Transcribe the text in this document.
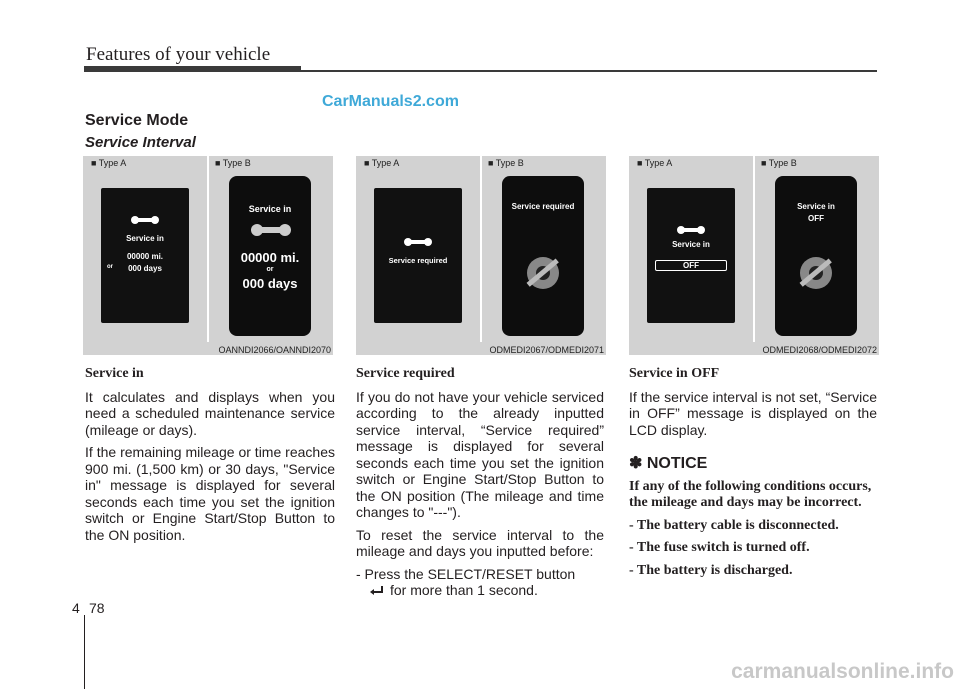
Features of your vehicle
CarManuals2.com
Service Mode
Service Interval
■ Type A	■ Type B
Service in
00000 mi.
or	000 days
Service in
00000 mi.
or
000 days
OANNDI2066/OANNDI2070
■ Type A	■ Type B
Service required
Service required
ODMEDI2067/ODMEDI2071
■ Type A	■ Type B
Service in
OFF
Service in
OFF
ODMEDI2068/ODMEDI2072
Service in

It calculates and displays when you need a scheduled maintenance service (mileage or days).

If the remaining mileage or time reaches 900 mi. (1,500 km) or 30 days, "Service in" message is displayed for several seconds each time you set the ignition switch or Engine Start/Stop Button to the ON position.

Service required

If you do not have your vehicle serviced according to the already inputted service interval, “Service required” message is displayed for several seconds each time you set the ignition switch or Engine Start/Stop Button to the ON position (The mileage and time changes to "---").

To reset the service interval to the mileage and days you inputted before:

- Press the SELECT/RESET button

for more than 1 second.

Service in OFF

If the service interval is not set, “Service in OFF” message is displayed on the LCD display.

✽ NOTICE

If any of the following conditions occurs, the mileage and days may be incorrect.

- The battery cable is disconnected.

- The fuse switch is turned off.

- The battery is discharged.

4 78
carmanualsonline.info
